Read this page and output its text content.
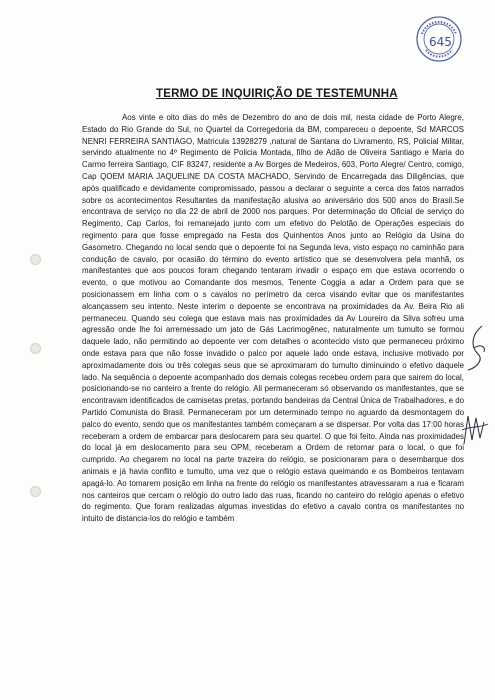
645
TERMO DE INQUIRIÇÃO DE TESTEMUNHA

Aos vinte e oito dias do mês de Dezembro do ano de dois mil, nesta cidade de Porto Alegre, Estado do Rio Grande do Sul, no Quartel da Corregedoria da BM, compareceu o depoente, Sd MARCOS NENRI FERREIRA SANTIAGO, Matricula 13928279 ,natural de Santana do Livramento, RS, Policial Militar, servindo atualmente no 4º Regimento de Policia Montada, filho de Adão de Oliveira Santiago e Maria do Carmo ferreira Santiago, CIF 83247, residente a Av Borges de Medeiros, 603, Porto Alegre/ Centro, comigo, Cap QOEM MARIA JAQUELINE DA COSTA MACHADO, Servindo de Encarregada das Diligências, que após qualificado e devidamente compromissado, passou a declarar o seguinte a cerca dos fatos narrados sobre os acontecimentos Resultantes da manifestação alusiva ao aniversário dos 500 anos do Brasil.Se encontrava de serviço no dia 22 de abril de 2000 nos parques. Por determinação do Oficial de serviço do Regimento, Cap Carlos, foi remanejado junto com um efetivo do Pelotão de Operações especiais do regimento para que fosse empregado na Festa dos Quinhentos Anos junto ao Relógio da Usina do Gasometro. Chegando no local sendo que o depoente foi na Segunda leva, visto espaço no caminhão para condução de cavalo, por ocasião do término do evento artístico que se desenvolvera pela manhã, os manifestantes que aos poucos foram chegando tentaram invadir o espaço em que estava ocorrendo o evento, o que motivou ao Comandante dos mesmos, Tenente Coggia a adar a Ordem para que se posicionassem em linha com o s cavalos no perímetro da cerca visando evitar que os manifestantes alcançassem seu intento. Neste interim o depoente se encontrava na proximidades da Av. Beira Rio ali permaneceu. Quando seu colega que estava mais nas proximidades da Av Loureiro da Silva sofreu uma agressão onde lhe foi arremessado um jato de Gás Lacrimogênec, naturalmente um tumulto se formou daquele lado, não permitindo ao depoente ver com detalhes o acontecido visto que permaneceu próximo onde estava para que não fosse invadido o palco por aquele lado onde estava, inclusive motivado por aproximadamente dois ou três colegas seus que se aproximaram do tumulto diminuindo o efetivo daquele lado. Na sequência o depoente acompanhado dos demais colegas recebeu ordem para que sairem do local, posicionando-se no canteiro a frente do relógio. Ali permaneceram só observando os manifestantes, que se encontravam identificados de camisetas pretas, portando bandeiras da Central Única de Trabalhadores, e do Partido Comunista do Brasil. Permaneceram por um determinado tempo no aguardo da desmontagem do palco do evento, sendo que os manifestantes também começaram a se dispersar. Por volta das 17:00 horas receberam a ordem de embarcar para deslocarem para seu quartel. O que foi feito. Ainda nas proximidades do local já em deslocamento para seu OPM, receberam a Ordem de retornar para o local, o que foi cumprido. Ao chegarem no local na parte trazeira do relógio, se posicionaram para o desembarque dos animais e já havia conflito e tumulto, uma vez que o relógio estava queimando e os Bombeiros tentavam apagá-lo. Ao tomarem posição em linha na frente do relógio os manifestantes atravessaram a rua e ficaram nos canteiros que cercam o relógio do outro lado das ruas, ficando no canteiro do relógio apenas o efetivo do regimento. Que foram realizadas algumas investidas do efetivo a cavalo contra os manifestantes no intuito de distancia-los do relógio e também
